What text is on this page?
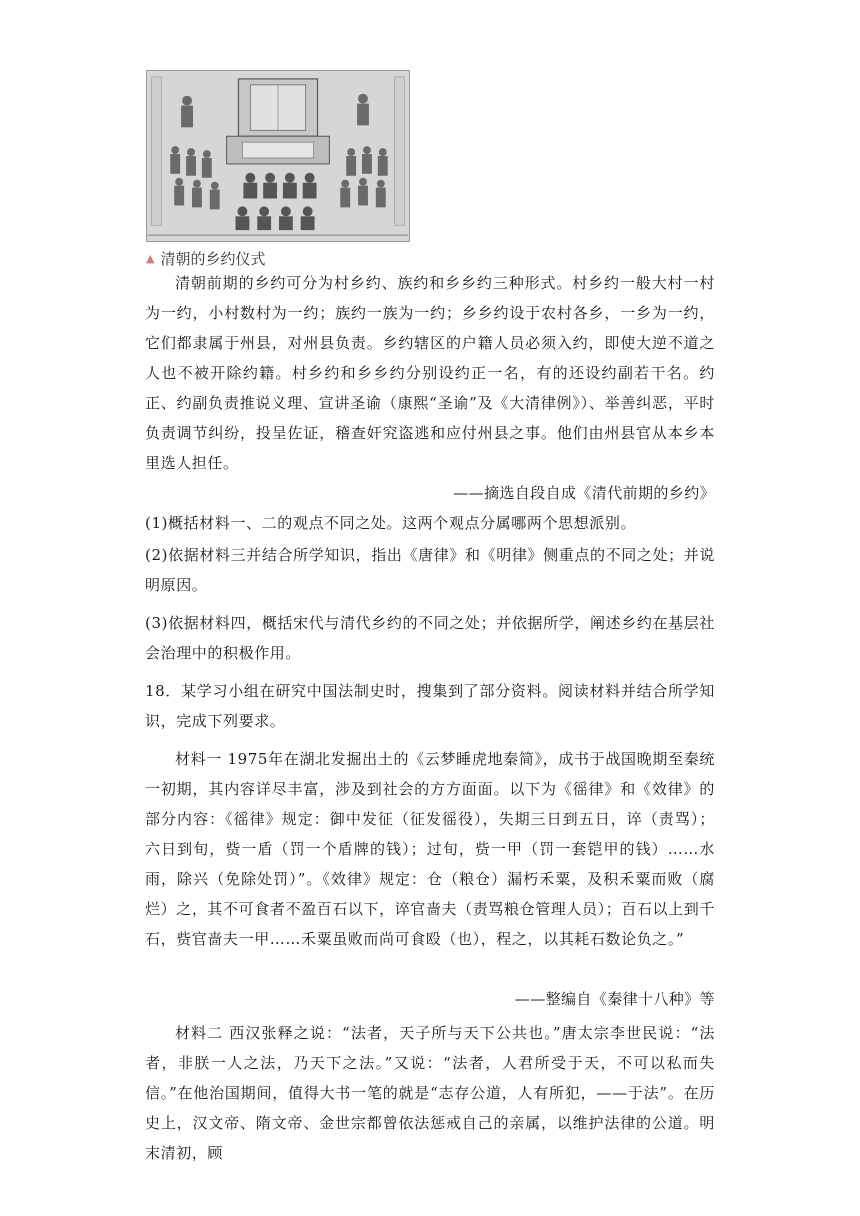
▲ 清朝的乡约仪式

清朝前期的乡约可分为村乡约、族约和乡乡约三种形式。村乡约一般大村一村为一约，小村数村为一约；族约一族为一约；乡乡约设于农村各乡，一乡为一约，它们都隶属于州县，对州县负责。乡约辖区的户籍人员必须入约，即使大逆不道之人也不被开除约籍。村乡约和乡乡约分别设约正一名，有的还设约副若干名。约正、约副负责推说义理、宣讲圣谕（康熙“圣谕”及《大清律例》）、举善纠恶，平时负责调节纠纷，投呈佐证，稽查奸究盗逃和应付州县之事。他们由州县官从本乡本里选人担任。

——摘选自段自成《清代前期的乡约》

(1)概括材料一、二的观点不同之处。这两个观点分属哪两个思想派别。

(2)依据材料三并结合所学知识，指出《唐律》和《明律》侧重点的不同之处；并说明原因。

(3)依据材料四，概括宋代与清代乡约的不同之处；并依据所学，阐述乡约在基层社会治理中的积极作用。

18．某学习小组在研究中国法制史时，搜集到了部分资料。阅读材料并结合所学知识，完成下列要求。

材料一 1975年在湖北发掘出土的《云梦睡虎地秦简》，成书于战国晚期至秦统一初期，其内容详尽丰富，涉及到社会的方方面面。以下为《徭律》和《效律》的部分内容：《徭律》规定：御中发征（征发徭役），失期三日到五日，谇（责骂）；六日到旬，赀一盾（罚一个盾牌的钱）；过旬，赀一甲（罚一套铠甲的钱）……水雨，除兴（免除处罚）”。《效律》规定：仓（粮仓）漏朽禾粟，及积禾粟而败（腐烂）之，其不可食者不盈百石以下，谇官啬夫（责骂粮仓管理人员）；百石以上到千石，赀官啬夫一甲……禾粟虽败而尚可食殴（也），程之，以其耗石数论负之。”

——整编自《秦律十八种》等

材料二 西汉张释之说：“法者，天子所与天下公共也。”唐太宗李世民说：“法者，非朕一人之法，乃天下之法。”又说：“法者，人君所受于天，不可以私而失信。”在他治国期间，值得大书一笔的就是“志存公道，人有所犯，——于法”。在历史上，汉文帝、隋文帝、金世宗都曾依法惩戒自己的亲属，以维护法律的公道。明末清初，顾
